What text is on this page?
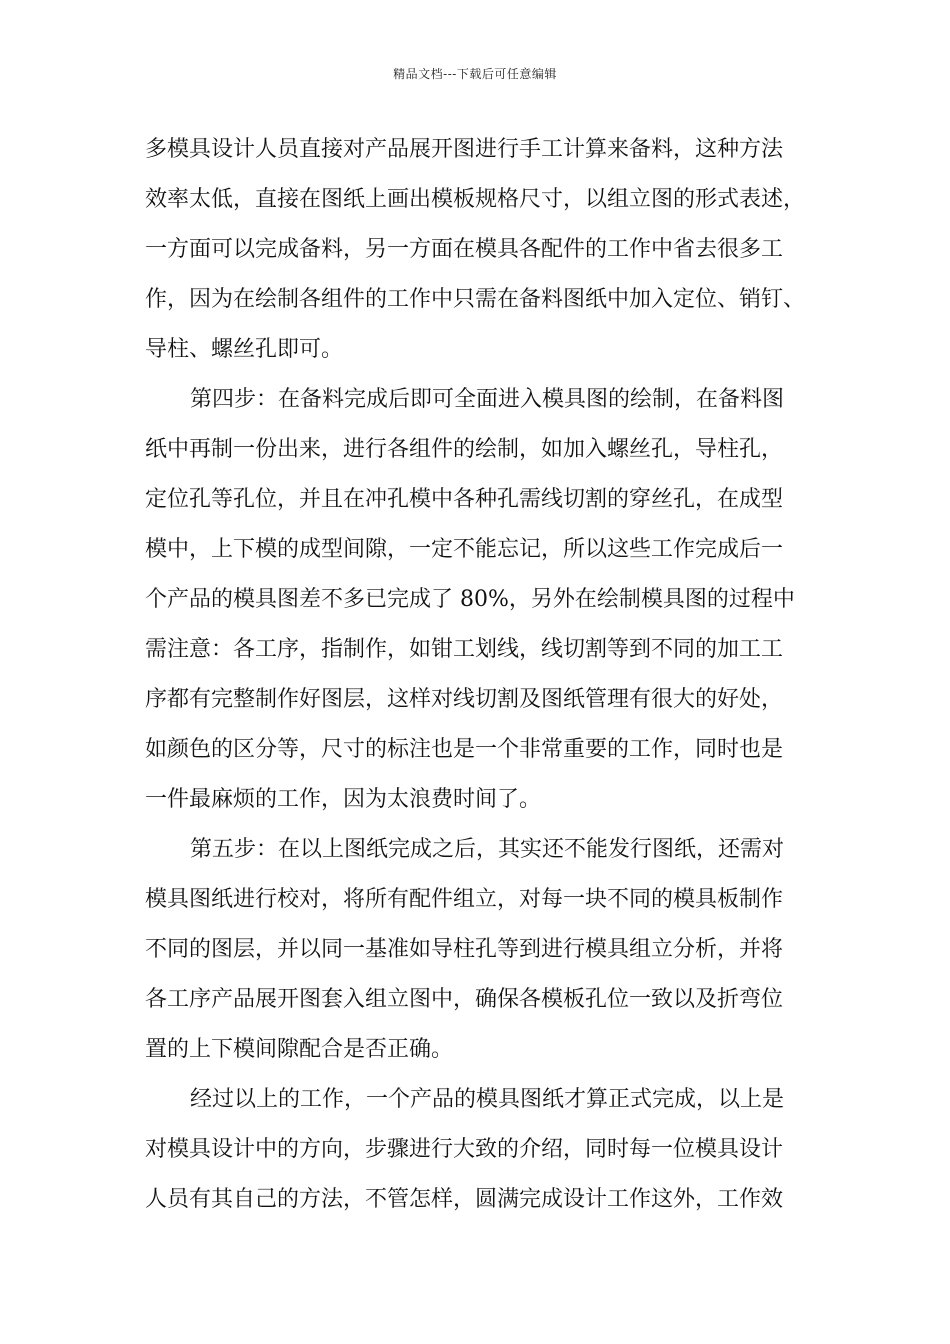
精品文档---下载后可任意编辑
多模具设计人员直接对产品展开图进行手工计算来备料，这种方法
效率太低，直接在图纸上画出模板规格尺寸，以组立图的形式表述，
一方面可以完成备料，另一方面在模具各配件的工作中省去很多工
作，因为在绘制各组件的工作中只需在备料图纸中加入定位、销钉、
导柱、螺丝孔即可。
第四步：在备料完成后即可全面进入模具图的绘制，在备料图
纸中再制一份出来，进行各组件的绘制，如加入螺丝孔，导柱孔，
定位孔等孔位，并且在冲孔模中各种孔需线切割的穿丝孔，在成型
模中，上下模的成型间隙，一定不能忘记，所以这些工作完成后一
个产品的模具图差不多已完成了 80%，另外在绘制模具图的过程中
需注意：各工序，指制作，如钳工划线，线切割等到不同的加工工
序都有完整制作好图层，这样对线切割及图纸管理有很大的好处，
如颜色的区分等，尺寸的标注也是一个非常重要的工作，同时也是
一件最麻烦的工作，因为太浪费时间了。
第五步：在以上图纸完成之后，其实还不能发行图纸，还需对
模具图纸进行校对，将所有配件组立，对每一块不同的模具板制作
不同的图层，并以同一基准如导柱孔等到进行模具组立分析，并将
各工序产品展开图套入组立图中，确保各模板孔位一致以及折弯位
置的上下模间隙配合是否正确。
经过以上的工作，一个产品的模具图纸才算正式完成，以上是
对模具设计中的方向，步骤进行大致的介绍，同时每一位模具设计
人员有其自己的方法，不管怎样，圆满完成设计工作这外，工作效
